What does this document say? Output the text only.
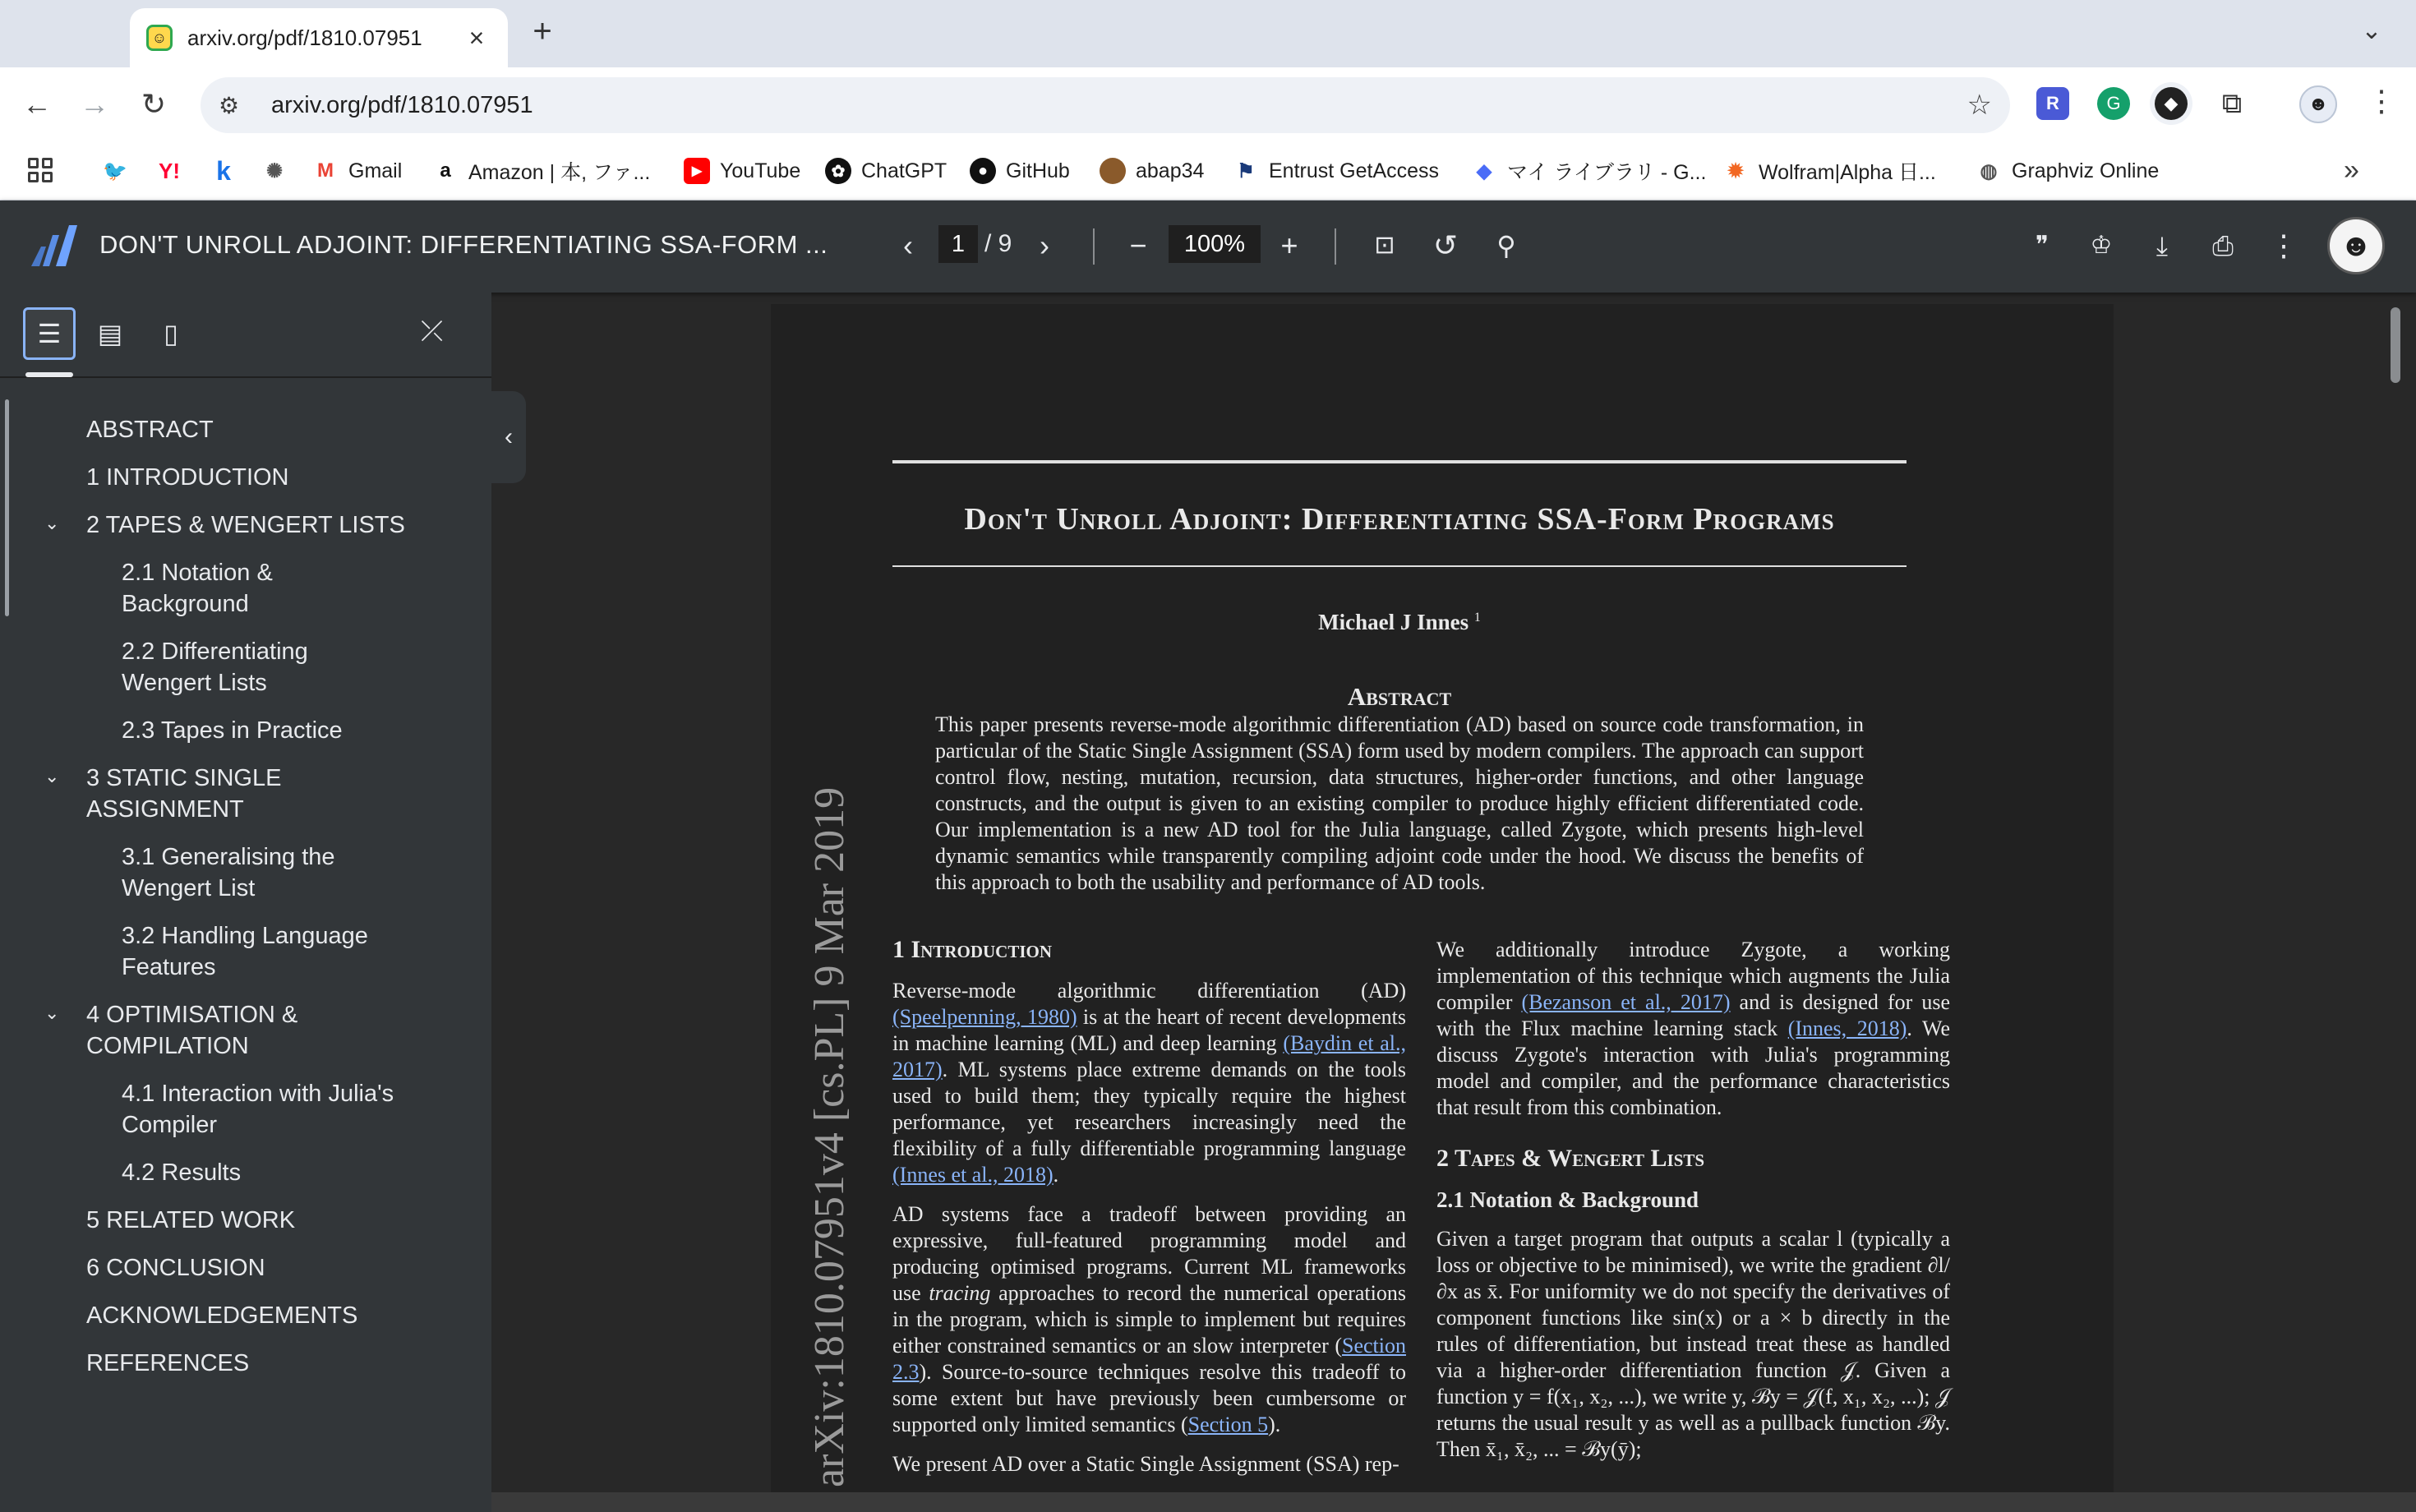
☺ arxiv.org/pdf/1810.07951	× +	⌄
← → ↻	⚙
arxiv.org/pdf/1810.07951	☆	R	G	◆	⧉	☻ ⋮
🐦 Y! k ✺ M Gmail	a Amazon | 本, ファ...	▶ YouTube	✿ ChatGPT	● GitHub	abap34 ⚑ Entrust GetAccess ◆ マイ ライブラリ - G... ✹ Wolfram|Alpha 日... ◍ Graphviz Online	»
DON'T UNROLL ADJOINT: DIFFERENTIATING SSA-FORM ...	‹
1	/ 9 ›	−	100%	+	⊡ ↺	⚲	❞	♔	⤓	⎙ ⋮	☻
☰	▤	▯	⤫
ABSTRACT
1 INTRODUCTION
⌄ 2 TAPES & WENGERT LISTS
2.1 Notation &
Background
2.2 Differentiating
Wengert Lists
2.3 Tapes in Practice
⌄ 3 STATIC SINGLE
ASSIGNMENT
3.1 Generalising the
Wengert List
3.2 Handling Language
Features
⌄ 4 OPTIMISATION &
COMPILATION
4.1 Interaction with Julia's
Compiler
4.2 Results
5 RELATED WORK
6 CONCLUSION
ACKNOWLEDGEMENTS
REFERENCES
‹
Don't Unroll Adjoint: Differentiating SSA-Form Programs
Michael J Innes $^1$
Abstract
This paper presents reverse-mode algorithmic differentiation (AD) based on source code transformation, in particular of the Static Single Assignment (SSA) form used by modern compilers. The approach can support control flow, nesting, mutation, recursion, data structures, higher-order functions, and other language constructs, and the output is given to an existing compiler to produce highly efficient differentiated code. Our implementation is a new AD tool for the Julia language, called Zygote, which presents high-level dynamic semantics while transparently compiling adjoint code under the hood. We discuss the benefits of this approach to both the usability and performance of AD tools.
arXiv:1810.07951v4 [cs.PL] 9 Mar 2019 1 Introduction

Reverse-mode algorithmic differentiation (AD) (Speelpenning, 1980) is at the heart of recent developments in machine learning (ML) and deep learning (Baydin et al., 2017). ML systems place extreme demands on the tools used to build them; they typically require the highest performance, yet researchers increasingly need the flexibility of a fully differentiable programming language (Innes et al., 2018).

AD systems face a tradeoff between providing an expressive, full-featured programming model and producing optimised programs. Current ML frameworks use tracing approaches to record the numerical operations in the program, which is simple to implement but requires either constrained semantics or an slow interpreter (Section 2.3). Source-to-source techniques resolve this tradeoff to some extent but have previously been cumbersome or supported only limited semantics (Section 5).

We present AD over a Static Single Assignment (SSA) rep-

We additionally introduce Zygote, a working implementation of this technique which augments the Julia compiler (Bezanson et al., 2017) and is designed for use with the Flux machine learning stack (Innes, 2018). We discuss Zygote's interaction with Julia's programming model and compiler, and the performance characteristics that result from this combination.

2 Tapes & Wengert Lists
2.1 Notation & Background

Given a target program that outputs a scalar l (typically a loss or objective to be minimised), we write the gradient ∂l/∂x as x̄. For uniformity we do not specify the derivatives of component functions like sin(x) or a × b directly in the rules of differentiation, but instead treat these as handled via a higher-order differentiation function 𝒥. Given a function y = f(x₁, x₂, ...), we write y, ℬy = 𝒥(f, x₁, x₂, ...); 𝒥 returns the usual result y as well as a pullback function ℬy. Then x̄₁, x̄₂, ... = ℬy(ȳ);
